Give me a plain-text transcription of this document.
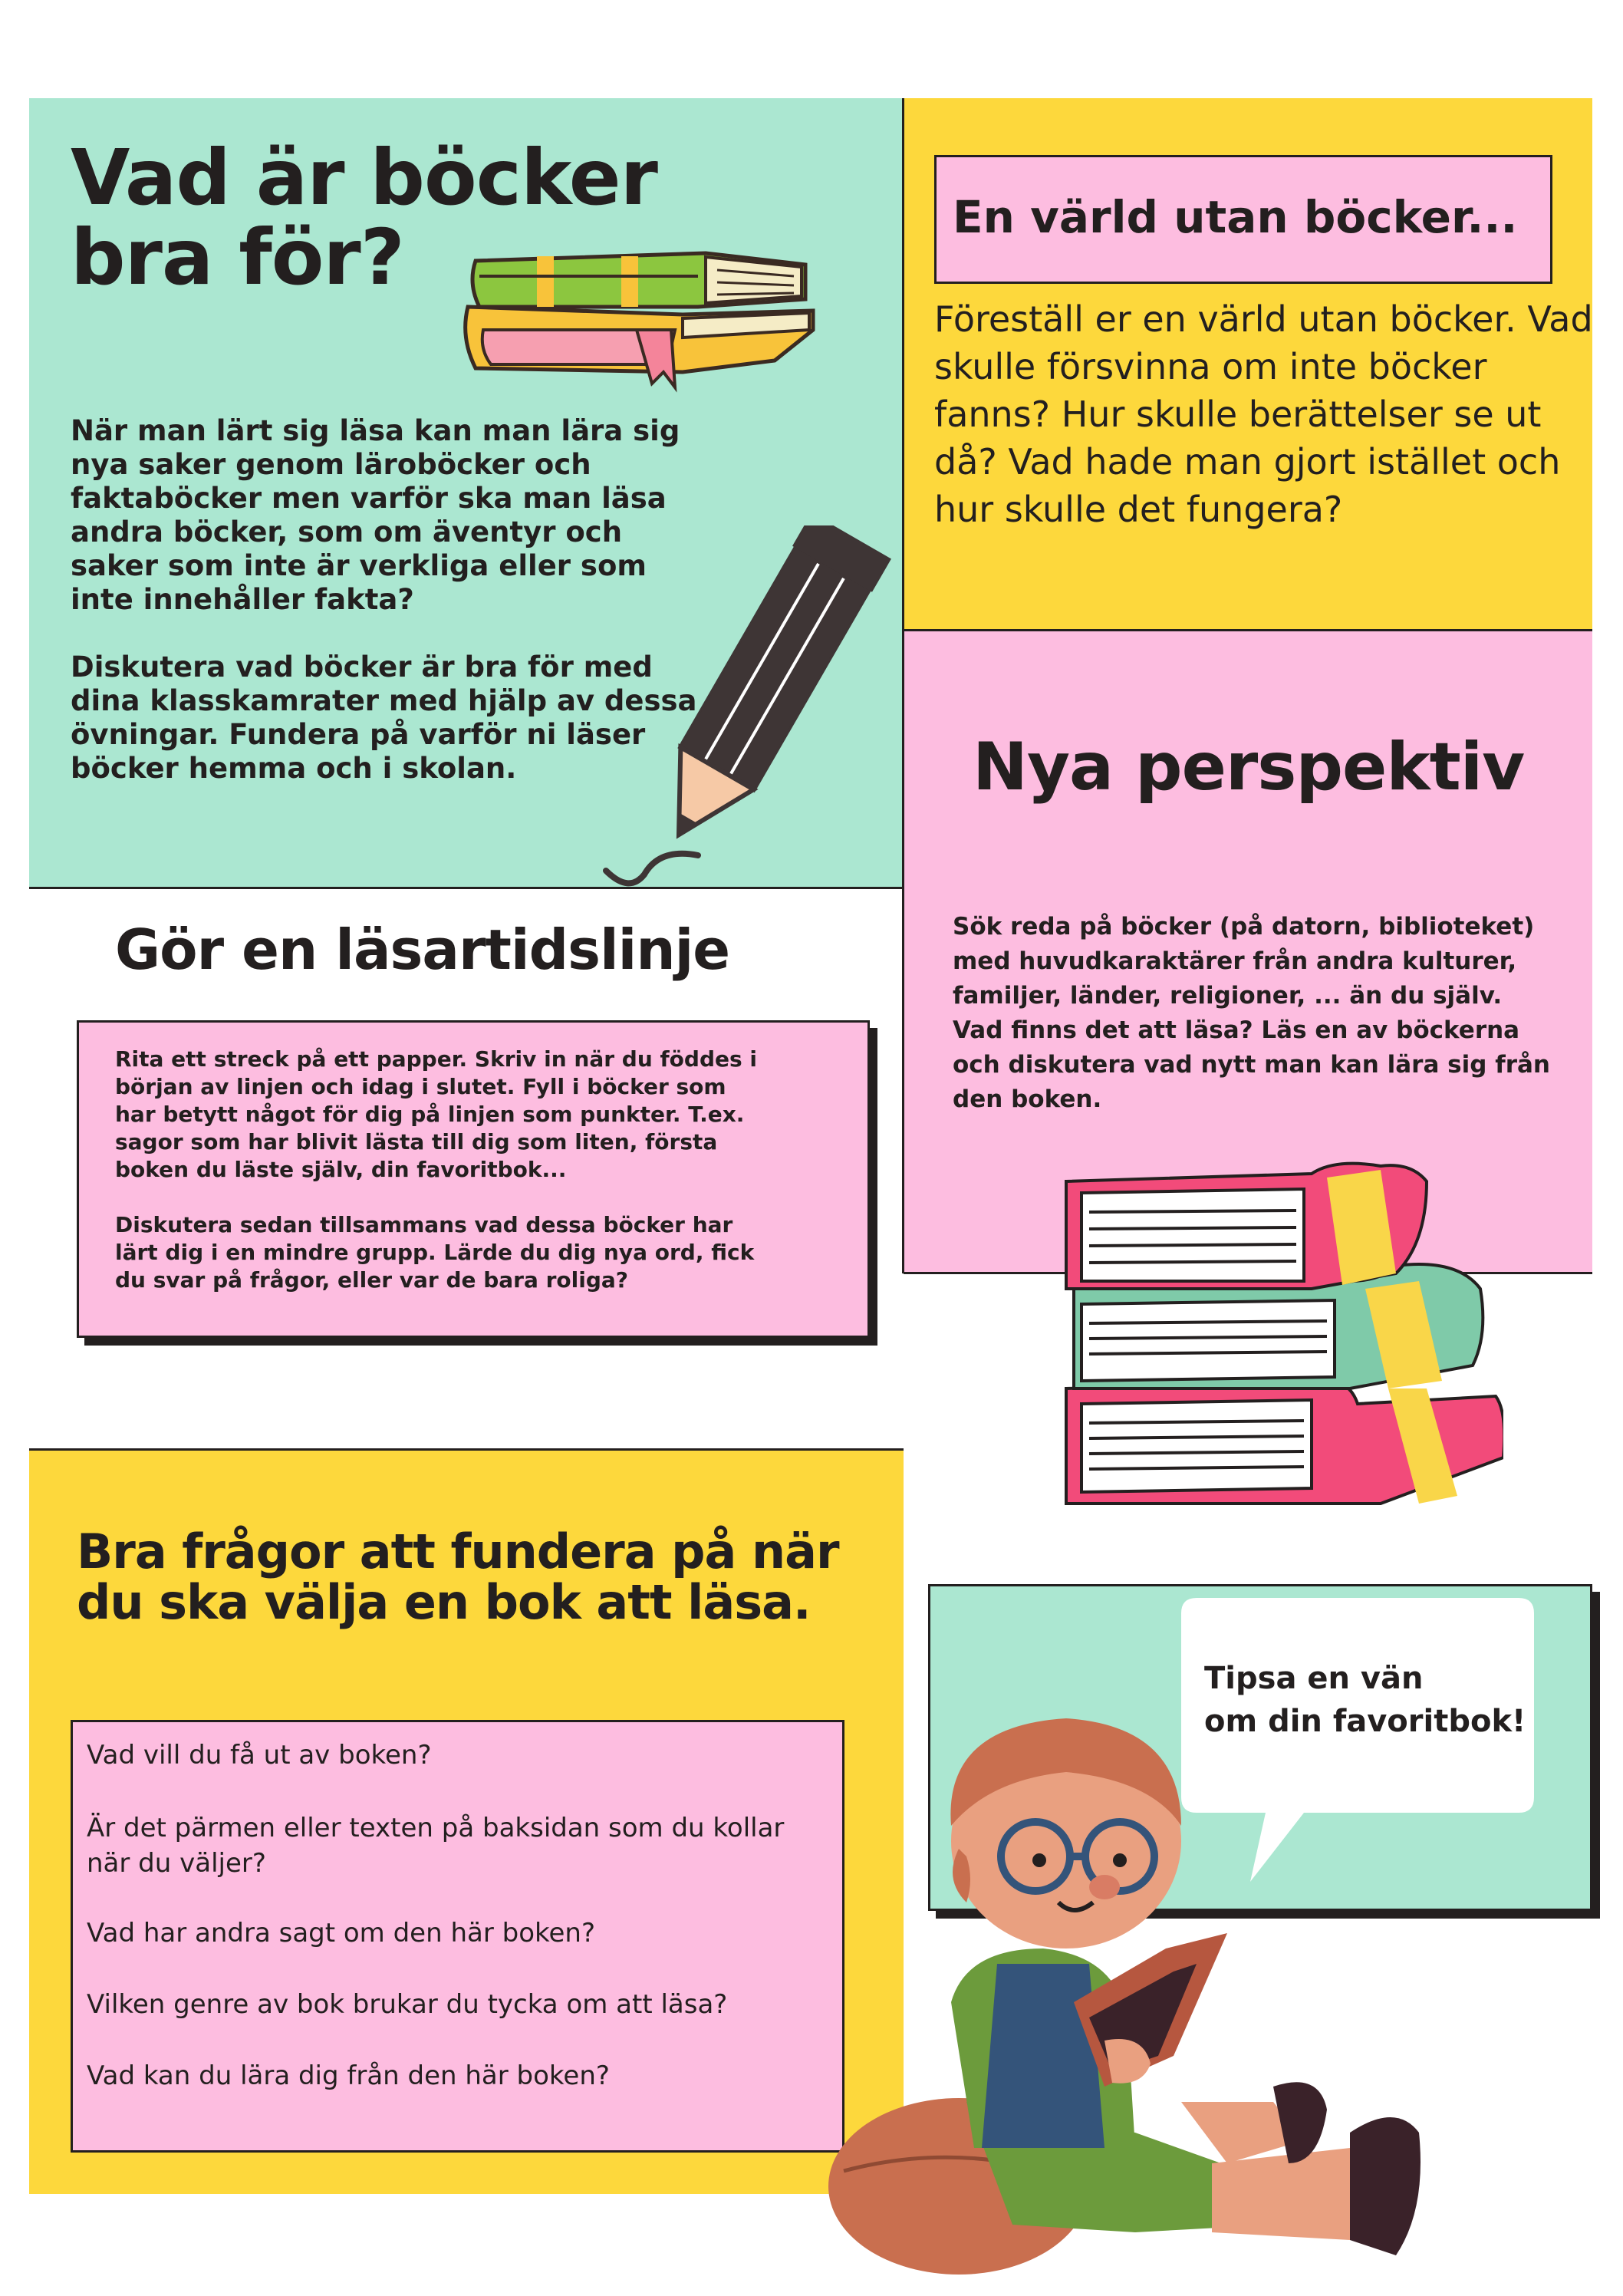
Vad är böcker
bra för?
När man lärt sig läsa kan man lära sig
nya saker genom läroböcker och
faktaböcker men varför ska man läsa
andra böcker, som om äventyr och
saker som inte är verkliga eller som
inte innehåller fakta?

Diskutera vad böcker är bra för med
dina klasskamrater med hjälp av dessa
övningar. Fundera på varför ni läser
böcker hemma och i skolan.
En värld utan böcker...
Föreställ er en värld utan böcker. Vad
skulle försvinna om inte böcker
fanns? Hur skulle berättelser se ut
då? Vad hade man gjort istället och
hur skulle det fungera?
Nya perspektiv
Sök reda på böcker (på datorn, biblioteket)
med huvudkaraktärer från andra kulturer,
familjer, länder, religioner, ... än du själv.
Vad finns det att läsa? Läs en av böckerna
och diskutera vad nytt man kan lära sig från
den boken.
Gör en läsartidslinje
Rita ett streck på ett papper. Skriv in när du föddes i
början av linjen och idag i slutet. Fyll i böcker som
har betytt något för dig på linjen som punkter. T.ex.
sagor som har blivit lästa till dig som liten, första
boken du läste själv, din favoritbok...

Diskutera sedan tillsammans vad dessa böcker har
lärt dig i en mindre grupp. Lärde du dig nya ord, fick
du svar på frågor, eller var de bara roliga?
Bra frågor att fundera på när
du ska välja en bok att läsa.
Vad vill du få ut av boken?
Är det pärmen eller texten på baksidan som du kollar
när du väljer?
Vad har andra sagt om den här boken?
Vilken genre av bok brukar du tycka om att läsa?
Vad kan du lära dig från den här boken?
Tipsa en vän
om din favoritbok!
